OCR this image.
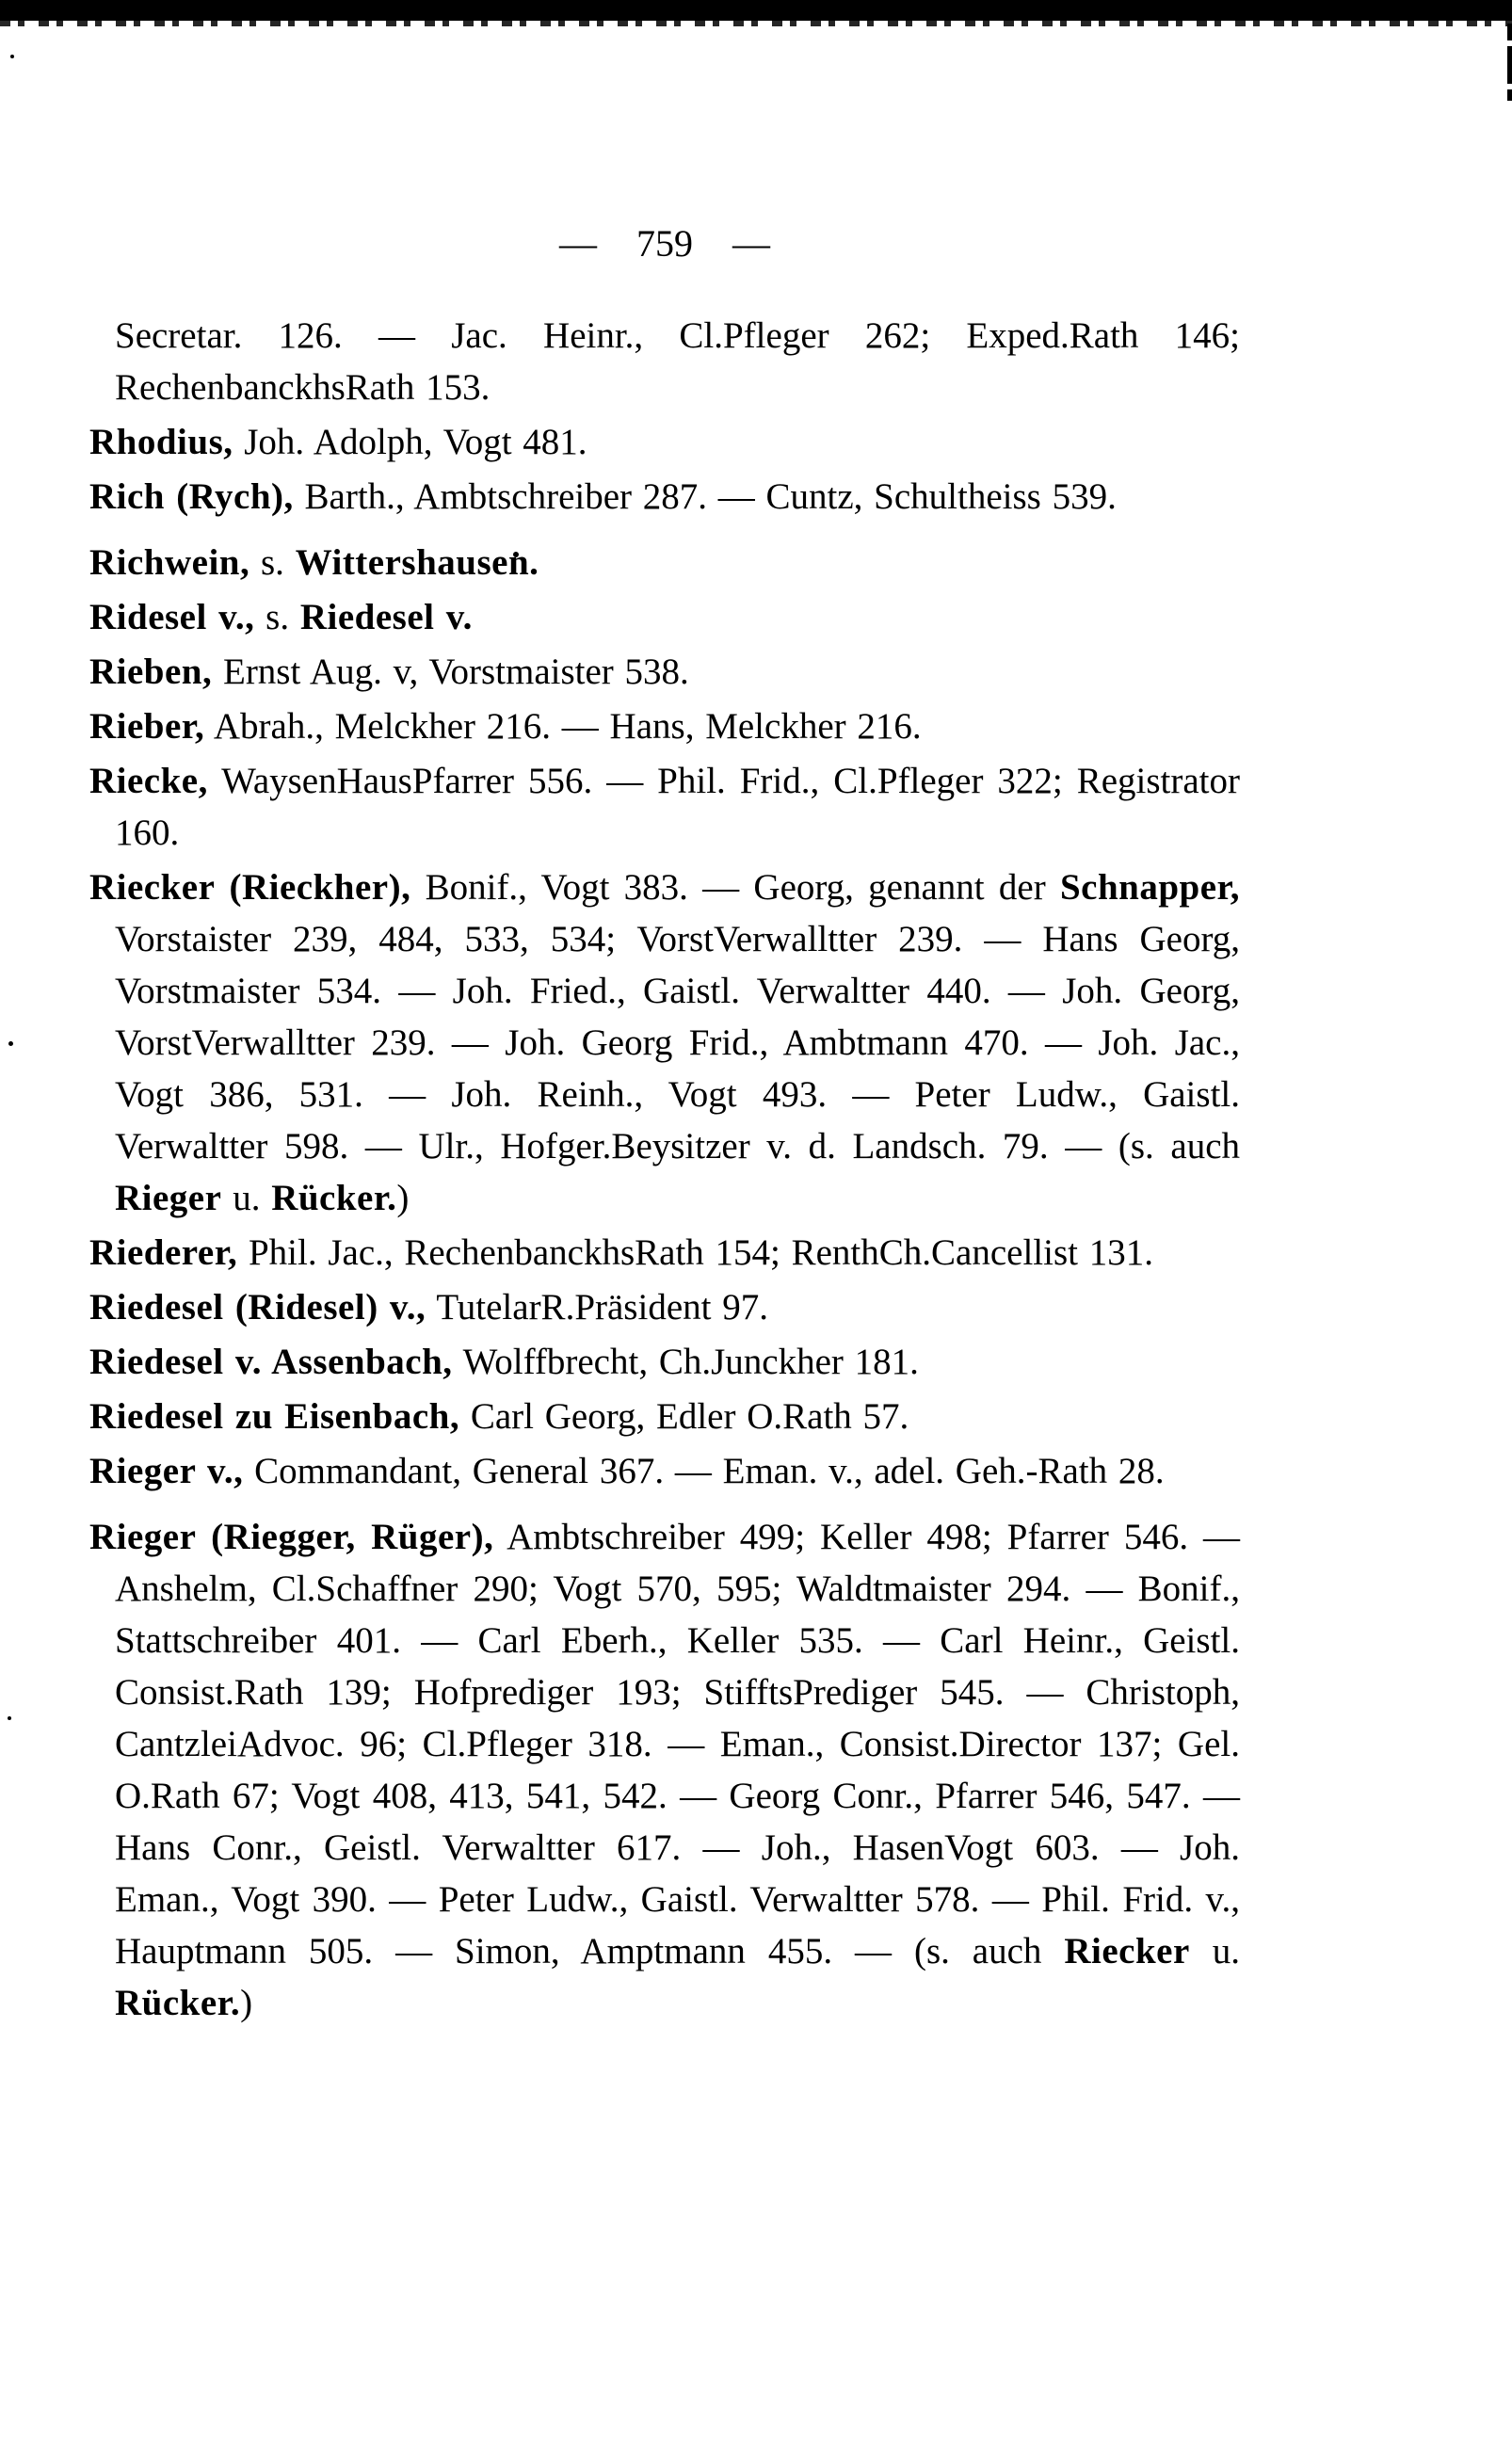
— 759 —

Secretar. 126. — Jac. Heinr., Cl.Pfleger 262; Exped.Rath 146; RechenbanckhsRath 153.

Rhodius, Joh. Adolph, Vogt 481.

Rich (Rych), Barth., Ambtschreiber 287. — Cuntz, Schultheiss 539.

Richwein, s. Wittershausen.

Ridesel v., s. Riedesel v.

Rieben, Ernst Aug. v, Vorstmaister 538.

Rieber, Abrah., Melckher 216. — Hans, Melckher 216.

Riecke, WaysenHausPfarrer 556. — Phil. Frid., Cl.Pfleger 322; Registrator 160.

Riecker (Rieckher), Bonif., Vogt 383. — Georg, genannt der Schnapper, Vorstaister 239, 484, 533, 534; VorstVerwalltter 239. — Hans Georg, Vorstmaister 534. — Joh. Fried., Gaistl. Verwaltter 440. — Joh. Georg, VorstVerwalltter 239. — Joh. Georg Frid., Ambtmann 470. — Joh. Jac., Vogt 386, 531. — Joh. Reinh., Vogt 493. — Peter Ludw., Gaistl. Verwaltter 598. — Ulr., Hofger.Beysitzer v. d. Landsch. 79. — (s. auch Rieger u. Rücker.)

Riederer, Phil. Jac., RechenbanckhsRath 154; RenthCh.Cancellist 131.

Riedesel (Ridesel) v., TutelarR.Präsident 97.

Riedesel v. Assenbach, Wolffbrecht, Ch.Junckher 181.

Riedesel zu Eisenbach, Carl Georg, Edler O.Rath 57.

Rieger v., Commandant, General 367. — Eman. v., adel. Geh.-Rath 28.

Rieger (Riegger, Rüger), Ambtschreiber 499; Keller 498; Pfarrer 546. — Anshelm, Cl.Schaffner 290; Vogt 570, 595; Waldtmaister 294. — Bonif., Stattschreiber 401. — Carl Eberh., Keller 535. — Carl Heinr., Geistl. Consist.Rath 139; Hofprediger 193; StifftsPrediger 545. — Christoph, CantzleiAdvoc. 96; Cl.Pfleger 318. — Eman., Consist.Director 137; Gel. O.Rath 67; Vogt 408, 413, 541, 542. — Georg Conr., Pfarrer 546, 547. — Hans Conr., Geistl. Verwaltter 617. — Joh., HasenVogt 603. — Joh. Eman., Vogt 390. — Peter Ludw., Gaistl. Verwaltter 578. — Phil. Frid. v., Hauptmann 505. — Simon, Amptmann 455. — (s. auch Riecker u. Rücker.)
